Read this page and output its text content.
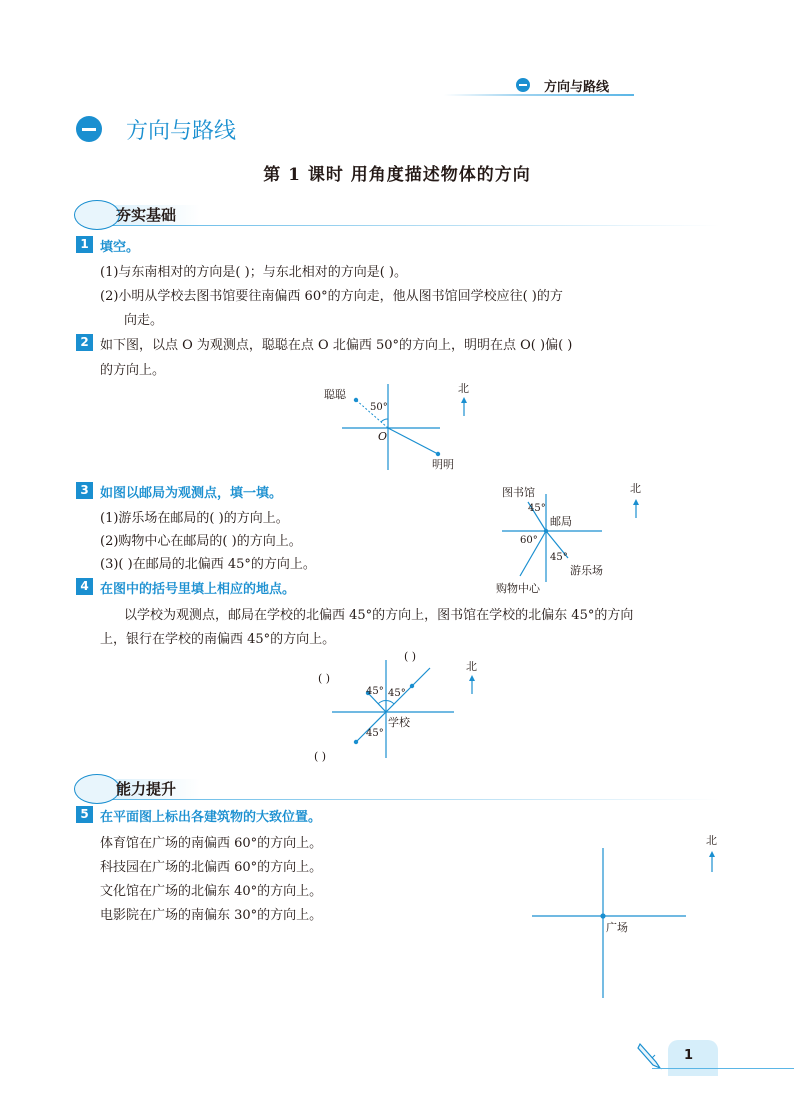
方向与路线
方向与路线
第 1 课时 用角度描述物体的方向
夯实基础
1 填空。
(1)与东南相对的方向是( )；与东北相对的方向是( )。
(2)小明从学校去图书馆要往南偏西 60°的方向走，他从图书馆回学校应往( )的方
向走。
2 如下图，以点 O 为观测点，聪聪在点 O 北偏西 50°的方向上，明明在点 O( )偏( )
的方向上。
聪聪
50°
O
明明
北
3 如图以邮局为观测点，填一填。
(1)游乐场在邮局的( )的方向上。
(2)购物中心在邮局的( )的方向上。
(3)( )在邮局的北偏西 45°的方向上。
图书馆
45°
邮局
60°
45°
购物中心
游乐场
北
4 在图中的括号里填上相应的地点。
以学校为观测点，邮局在学校的北偏西 45°的方向上，图书馆在学校的北偏东 45°的方向
上，银行在学校的南偏西 45°的方向上。
( )
( )
( )
45° 45°
45°
学校
北
能力提升
5 在平面图上标出各建筑物的大致位置。
体育馆在广场的南偏西 60°的方向上。
科技园在广场的北偏西 60°的方向上。
文化馆在广场的北偏东 40°的方向上。
电影院在广场的南偏东 30°的方向上。
广场
北
1
